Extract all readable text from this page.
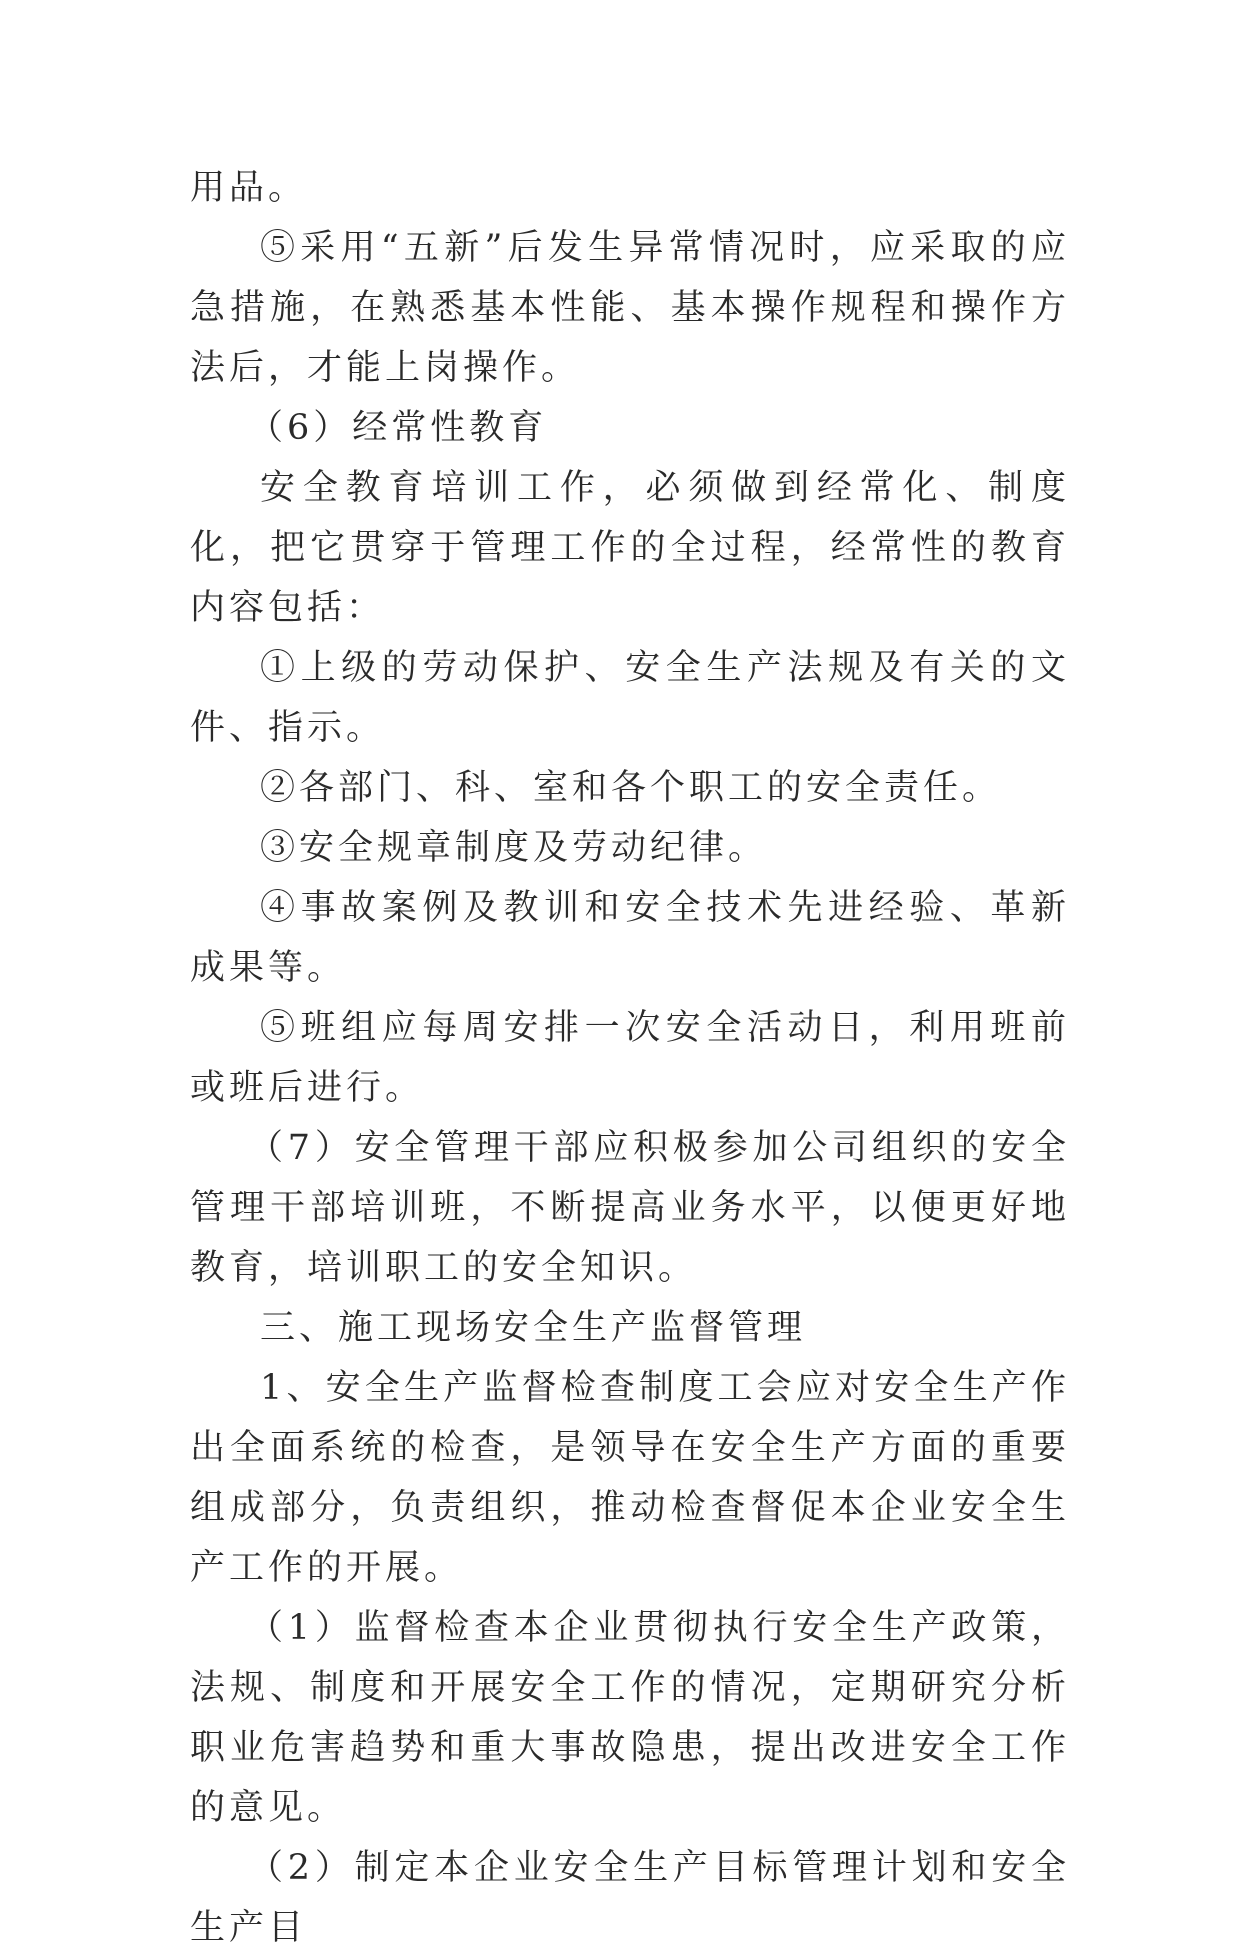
用品。

⑤采用“五新”后发生异常情况时，应采取的应急措施，在熟悉基本性能、基本操作规程和操作方法后，才能上岗操作。

（6）经常性教育

安全教育培训工作，必须做到经常化、制度化，把它贯穿于管理工作的全过程，经常性的教育内容包括：

①上级的劳动保护、安全生产法规及有关的文件、指示。

②各部门、科、室和各个职工的安全责任。

③安全规章制度及劳动纪律。

④事故案例及教训和安全技术先进经验、革新成果等。

⑤班组应每周安排一次安全活动日，利用班前或班后进行。

（7）安全管理干部应积极参加公司组织的安全管理干部培训班，不断提高业务水平，以便更好地教育，培训职工的安全知识。

三、施工现场安全生产监督管理

1、安全生产监督检查制度工会应对安全生产作出全面系统的检查，是领导在安全生产方面的重要组成部分，负责组织，推动检查督促本企业安全生产工作的开展。

（1）监督检查本企业贯彻执行安全生产政策，法规、制度和开展安全工作的情况，定期研究分析职业危害趋势和重大事故隐患，提出改进安全工作的意见。

（2）制定本企业安全生产目标管理计划和安全生产目
